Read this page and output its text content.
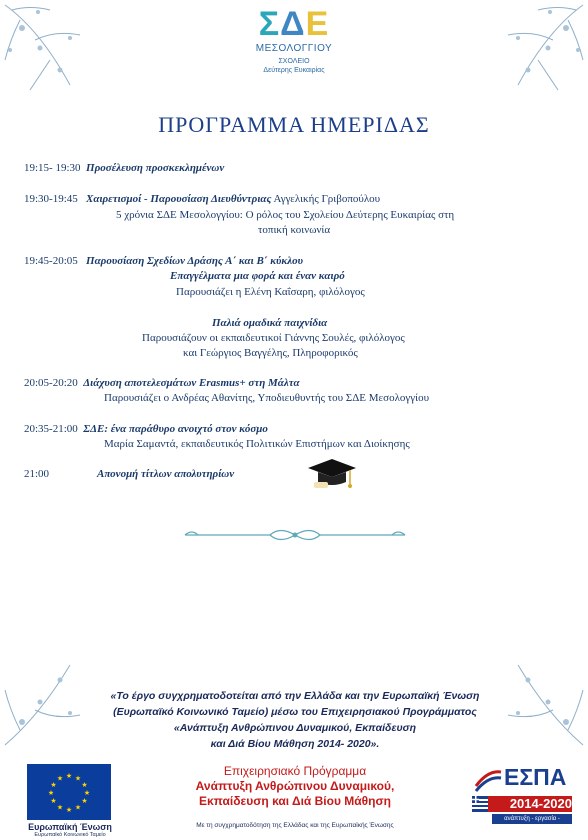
ΣΔΕ
ΜΕΣΟΛΟΓΓΙΟΥ
ΣΧΟΛΕΙΟ
Δεύτερης Ευκαιρίας
ΠΡΟΓΡΑΜΜΑ ΗΜΕΡΙΔΑΣ
19:15- 19:30 Προσέλευση προσκεκλημένων
19:30-19:45 Χαιρετισμοί - Παρουσίαση Διευθύντριας Αγγελικής Γριβοπούλου
5 χρόνια ΣΔΕ Μεσολογγίου: Ο ρόλος του Σχολείου Δεύτερης Ευκαιρίας στη
τοπική κοινωνία
19:45-20:05 Παρουσίαση Σχεδίων Δράσης Α΄ και Β΄ κύκλου
Επαγγέλματα μια φορά και έναν καιρό
Παρουσιάζει η Ελένη Καΐσαρη, φιλόλογος
Παλιά ομαδικά παιχνίδια
Παρουσιάζουν οι εκπαιδευτικοί Γιάννης Σουλές, φιλόλογος
και Γεώργιος Βαγγέλης, Πληροφορικός
20:05-20:20 Διάχυση αποτελεσμάτων Erasmus+ στη Μάλτα
Παρουσιάζει ο Ανδρέας Αθανίτης, Υποδιευθυντής του ΣΔΕ Μεσολογγίου
20:35-21:00 ΣΔΕ: ένα παράθυρο ανοιχτό στον κόσμο
Μαρία Σαμαντά, εκπαιδευτικός Πολιτικών Επιστήμων και Διοίκησης
21:00	Απονομή τίτλων απολυτηρίων
«Το έργο συγχρηματοδοτείται από την Ελλάδα και την Ευρωπαϊκή Ένωση
(Ευρωπαϊκό Κοινωνικό Ταμείο) μέσω του Επιχειρησιακού Προγράμματος
«Ανάπτυξη Ανθρώπινου Δυναμικού, Εκπαίδευση
και Διά Βίου Μάθηση 2014- 2020».
★ ★
★
★
★
★
★
★
★
★
★
★
Ευρωπαϊκή Ένωση
Ευρωπαϊκό Κοινωνικό Ταμείο
Επιχειρησιακό Πρόγραμμα
Ανάπτυξη Ανθρώπινου Δυναμικού,
Εκπαίδευση και Διά Βίου Μάθηση
Με τη συγχρηματοδότηση της Ελλάδας και της Ευρωπαϊκής Ένωσης
ΕΣΠΑ
2014-2020
ανάπτυξη - εργασία - αλληλεγγύη
